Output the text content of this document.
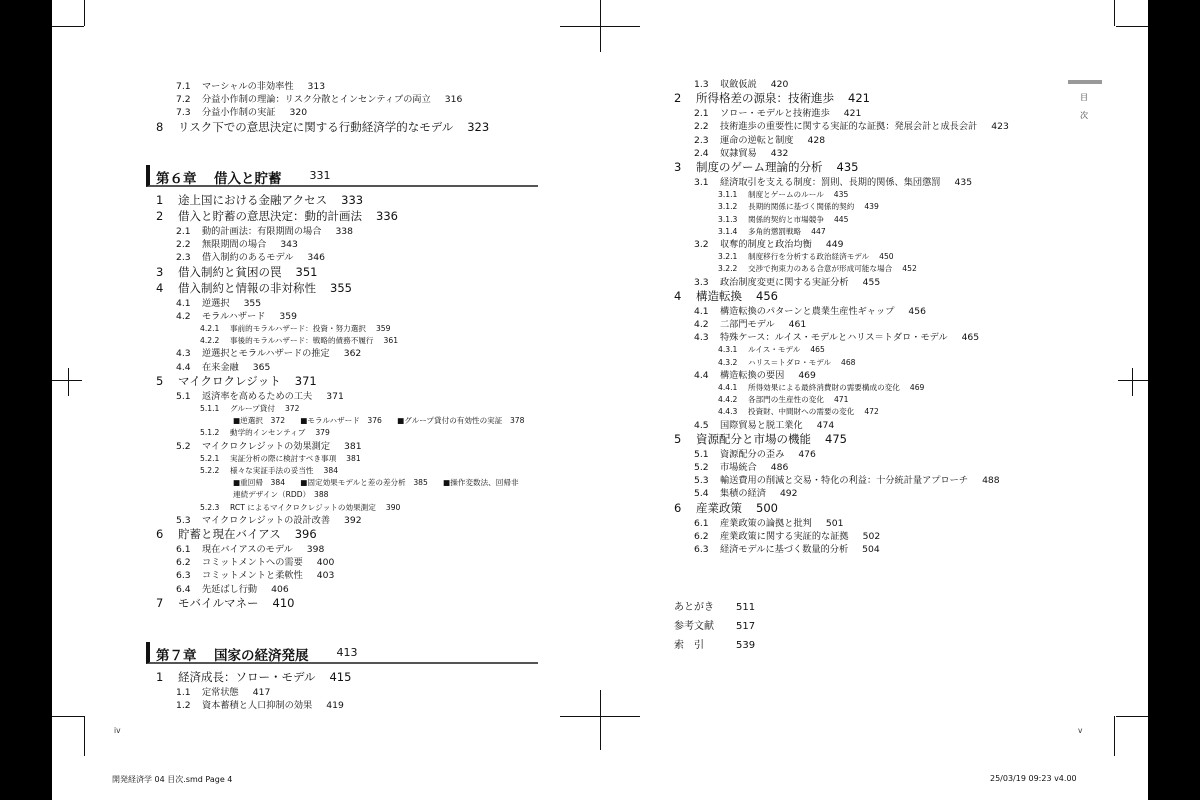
目
次
iv	v
開発経済学 04 目次.smd Page 4	25/03/19 09:23 v4.00
7.1 マーシャルの非効率性 313
7.2 分益小作制の理論：リスク分散とインセンティブの両立 316
7.3 分益小作制の実証 320
8 リスク下での意思決定に関する行動経済学的なモデル 323
第６章 借入と貯蓄	331
1 途上国における金融アクセス 333
2 借入と貯蓄の意思決定：動的計画法 336
2.1 動的計画法：有限期間の場合 338
2.2 無限期間の場合 343
2.3 借入制約のあるモデル 346
3 借入制約と貧困の罠 351
4 借入制約と情報の非対称性 355
4.1 逆選択 355
4.2 モラルハザード 359
4.2.1 事前的モラルハザード：投資・努力選択 359
4.2.2 事後的モラルハザード：戦略的債務不履行 361
4.3 逆選択とモラルハザードの推定 362
4.4 在来金融 365
5 マイクロクレジット 371
5.1 返済率を高めるための工夫 371
5.1.1 グループ貸付 372
■逆選択　372　　■モラルハザード　376　　■グループ貸付の有効性の実証　378
5.1.2 動学的インセンティブ 379
5.2 マイクロクレジットの効果測定 381
5.2.1 実証分析の際に検討すべき事項 381
5.2.2 様々な実証手法の妥当性 384
■重回帰　384　　■固定効果モデルと差の差分析　385　　■操作変数法、回帰非
連続デザイン（RDD）　388
5.2.3 RCT によるマイクロクレジットの効果測定 390
5.3 マイクロクレジットの設計改善 392
6 貯蓄と現在バイアス 396
6.1 現在バイアスのモデル 398
6.2 コミットメントへの需要 400
6.3 コミットメントと柔軟性 403
6.4 先延ばし行動 406
7 モバイルマネー 410
第７章 国家の経済発展	413
1 経済成長：ソロー・モデル 415
1.1 定常状態 417
1.2 資本蓄積と人口抑制の効果 419
1.3 収斂仮説 420
2 所得格差の源泉：技術進歩 421
2.1 ソロー・モデルと技術進歩 421
2.2 技術進歩の重要性に関する実証的な証拠：発展会計と成長会計 423
2.3 運命の逆転と制度 428
2.4 奴隷貿易 432
3 制度のゲーム理論的分析 435
3.1 経済取引を支える制度：罰則、長期的関係、集団懲罰 435
3.1.1 制度とゲームのルール 435
3.1.2 長期的関係に基づく関係的契約 439
3.1.3 関係的契約と市場競争 445
3.1.4 多角的懲罰戦略 447
3.2 収奪的制度と政治均衡 449
3.2.1 制度移行を分析する政治経済モデル 450
3.2.2 交渉で拘束力のある合意が形成可能な場合 452
3.3 政治制度変更に関する実証分析 455
4 構造転換 456
4.1 構造転換のパターンと農業生産性ギャップ 456
4.2 二部門モデル 461
4.3 特殊ケース：ルイス・モデルとハリス＝トダロ・モデル 465
4.3.1 ルイス・モデル 465
4.3.2 ハリス＝トダロ・モデル 468
4.4 構造転換の要因 469
4.4.1 所得効果による最終消費財の需要構成の変化 469
4.4.2 各部門の生産性の変化 471
4.4.3 投資財、中間財への需要の変化 472
4.5 国際貿易と脱工業化 474
5 資源配分と市場の機能 475
5.1 資源配分の歪み 476
5.2 市場統合 486
5.3 輸送費用の削減と交易・特化の利益：十分統計量アプローチ 488
5.4 集積の経済 492
6 産業政策 500
6.1 産業政策の論拠と批判 501
6.2 産業政策に関する実証的な証拠 502
6.3 経済モデルに基づく数量的分析 504
あとがき 511
参考文献 517
索　引	539
